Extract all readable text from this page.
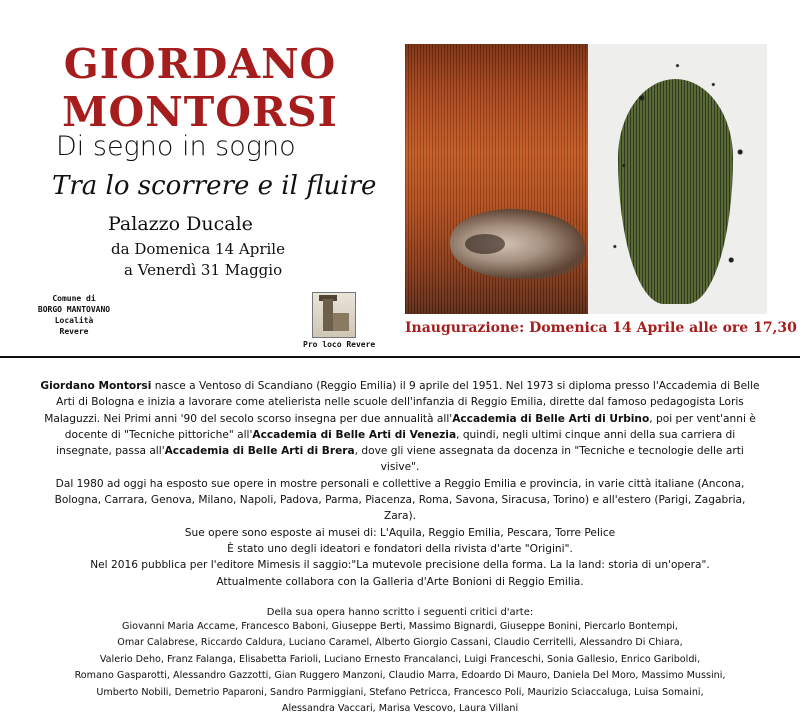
GIORDANO
MONTORSI
Di segno in sogno
Tra lo scorrere e il fluire
Palazzo Ducale
da Domenica 14 Aprile
a Venerdì 31 Maggio
Comune di
BORGO MANTOVANO
Località
Revere
Pro loco Revere
Inaugurazione: Domenica 14 Aprile alle ore 17,30

Giordano Montorsi nasce a Ventoso di Scandiano (Reggio Emilia) il 9 aprile del 1951. Nel 1973 si diploma presso l'Accademia di Belle Arti di Bologna e inizia a lavorare come atelierista nelle scuole dell'infanzia di Reggio Emilia, dirette dal famoso pedagogista Loris Malaguzzi. Nei Primi anni '90 del secolo scorso insegna per due annualità all'Accademia di Belle Arti di Urbino, poi per vent'anni è docente di "Tecniche pittoriche" all'Accademia di Belle Arti di Venezia, quindi, negli ultimi cinque anni della sua carriera di insegnate, passa all'Accademia di Belle Arti di Brera, dove gli viene assegnata da docenza in "Tecniche e tecnologie delle arti visive".

Dal 1980 ad oggi ha esposto sue opere in mostre personali e collettive a Reggio Emilia e provincia, in varie città italiane (Ancona, Bologna, Carrara, Genova, Milano, Napoli, Padova, Parma, Piacenza, Roma, Savona, Siracusa, Torino) e all'estero (Parigi, Zagabria, Zara).

Sue opere sono esposte ai musei di: L'Aquila, Reggio Emilia, Pescara, Torre Pelice

È stato uno degli ideatori e fondatori della rivista d'arte "Origini".

Nel 2016 pubblica per l'editore Mimesis il saggio:"La mutevole precisione della forma. La la land: storia di un'opera".

Attualmente collabora con la Galleria d'Arte Bonioni di Reggio Emilia.

Della sua opera hanno scritto i seguenti critici d'arte:
Giovanni Maria Accame, Francesco Baboni, Giuseppe Berti, Massimo Bignardi, Giuseppe Bonini, Piercarlo Bontempi,
Omar Calabrese, Riccardo Caldura, Luciano Caramel, Alberto Giorgio Cassani, Claudio Cerritelli, Alessandro Di Chiara,
Valerio Deho, Franz Falanga, Elisabetta Farioli, Luciano Ernesto Francalanci, Luigi Franceschi, Sonia Gallesio, Enrico Gariboldi,
Romano Gasparotti, Alessandro Gazzotti, Gian Ruggero Manzoni, Claudio Marra, Edoardo Di Mauro, Daniela Del Moro, Massimo Mussini,
Umberto Nobili, Demetrio Paparoni, Sandro Parmiggiani, Stefano Petricca, Francesco Poli, Maurizio Sciaccaluga, Luisa Somaini,
Alessandra Vaccari, Marisa Vescovo, Laura Villani
